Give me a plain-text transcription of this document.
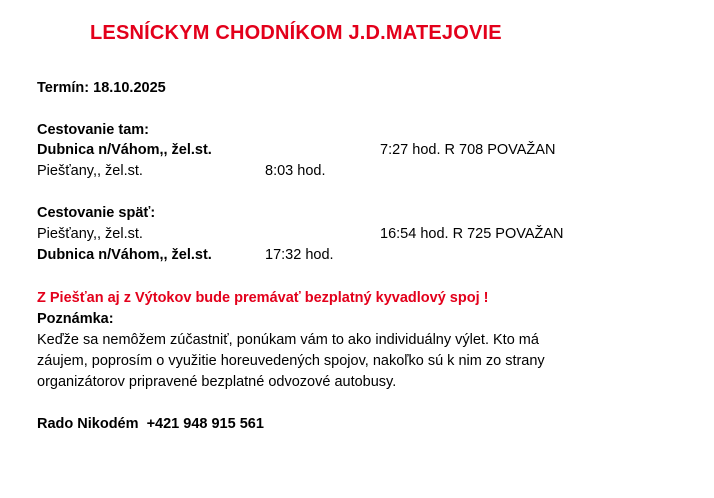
LESNÍCKYM CHODNÍKOM J.D.MATEJOVIE
Termín: 18.10.2025
Cestovanie tam:
Dubnica n/Váhom,, žel.st.	7:27 hod. R 708 POVAŽAN
Piešťany,, žel.st.	8:03 hod.
Cestovanie späť:
Piešťany,, žel.st.	16:54 hod. R 725 POVAŽAN
Dubnica n/Váhom,, žel.st.	17:32 hod.
Z Piešťan aj z Výtokov bude premávať bezplatný kyvadlový spoj !
Poznámka:
Keďže sa nemôžem zúčastniť, ponúkam vám to ako individuálny výlet. Kto má
záujem, poprosím o využitie horeuvedených spojov, nakoľko sú k nim zo strany
organizátorov pripravené bezplatné odvozové autobusy.
Rado Nikodém  +421 948 915 561
